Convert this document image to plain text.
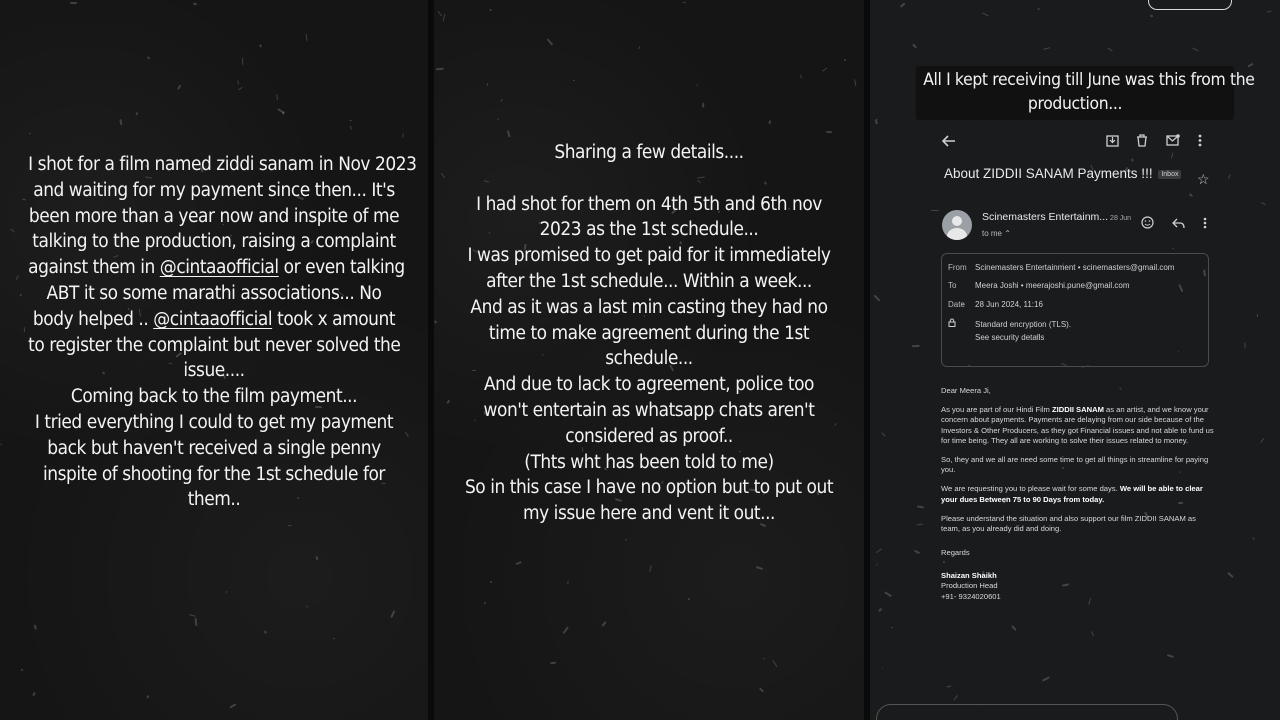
I shot for a film named ziddi sanam in Nov 2023
and waiting for my payment since then... It's
been more than a year now and inspite of me
talking to the production, raising a complaint
against them in @cintaaofficial or even talking
ABT it so some marathi associations... No
body helped .. @cintaaofficial took x amount
to register the complaint but never solved the
issue....
Coming back to the film payment...
I tried everything I could to get my payment
back but haven't received a single penny
inspite of shooting for the 1st schedule for
them..
Sharing a few details....

I had shot for them on 4th 5th and 6th nov
2023 as the 1st schedule...
I was promised to get paid for it immediately
after the 1st schedule... Within a week...
And as it was a last min casting they had no
time to make agreement during the 1st
schedule...
And due to lack to agreement, police too
won't entertain as whatsapp chats aren't
considered as proof..
(Thts wht has been told to me)
So in this case I have no option but to put out
my issue here and vent it out...
All I kept receiving till June was this from the
production...
About ZIDDII SANAM Payments !!! Inbox ☆
Scinemasters Entertainm... 28 Jun
to me ⌃
From Scinemasters Entertainment • scinemasters@gmail.com
To Meera Joshi • meerajoshi.pune@gmail.com
Date 28 Jun 2024, 11:16
Standard encryption (TLS).
See security details

Dear Meera Ji,

As you are part of our Hindi Film ZIDDII SANAM as an artist, and we know your concern about payments. Payments are delaying from our side because of the Investors & Other Producers, as they got Financial issues and not able to fund us for time being. They all are working to solve their issues related to money.

So, they and we all are need some time to get all things in streamline for paying you.

We are requesting you to please wait for some days. We will be able to clear your dues Between 75 to 90 Days from today.

Please understand the situation and also support our film ZIDDII SANAM as team, as you already did and doing.

Regards

Shaizan Shaikh
Production Head
+91- 9324020601
